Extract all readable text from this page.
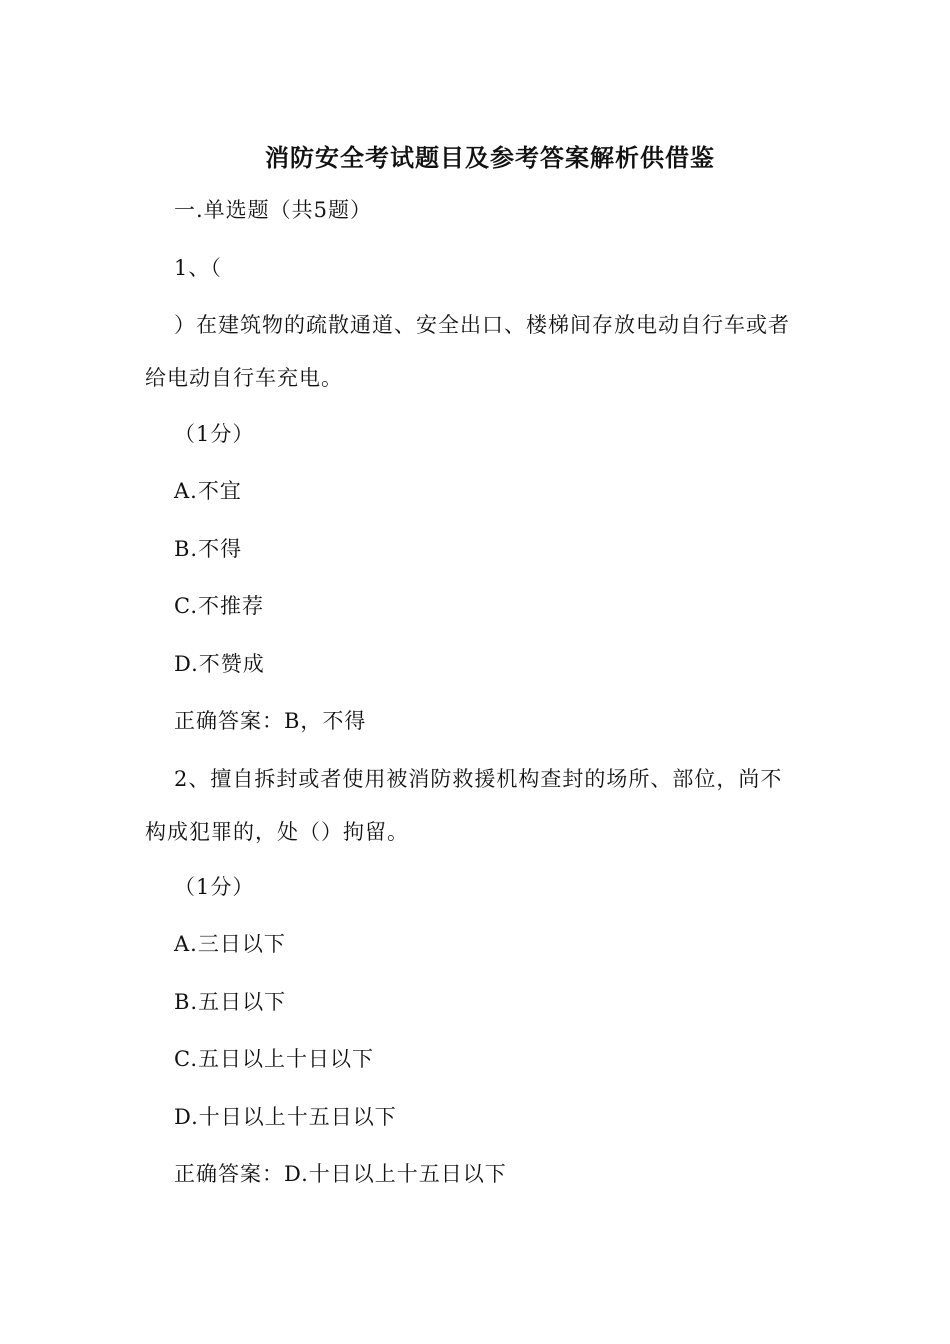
消防安全考试题目及参考答案解析供借鉴
一.单选题（共5题）
1、（
）在建筑物的疏散通道、安全出口、楼梯间存放电动自行车或者
给电动自行车充电。
（1分）
A.不宜
B.不得
C.不推荐
D.不赞成
正确答案：B，不得
2、擅自拆封或者使用被消防救援机构查封的场所、部位，尚不
构成犯罪的，处（）拘留。
（1分）
A.三日以下
B.五日以下
C.五日以上十日以下
D.十日以上十五日以下
正确答案：D.十日以上十五日以下
